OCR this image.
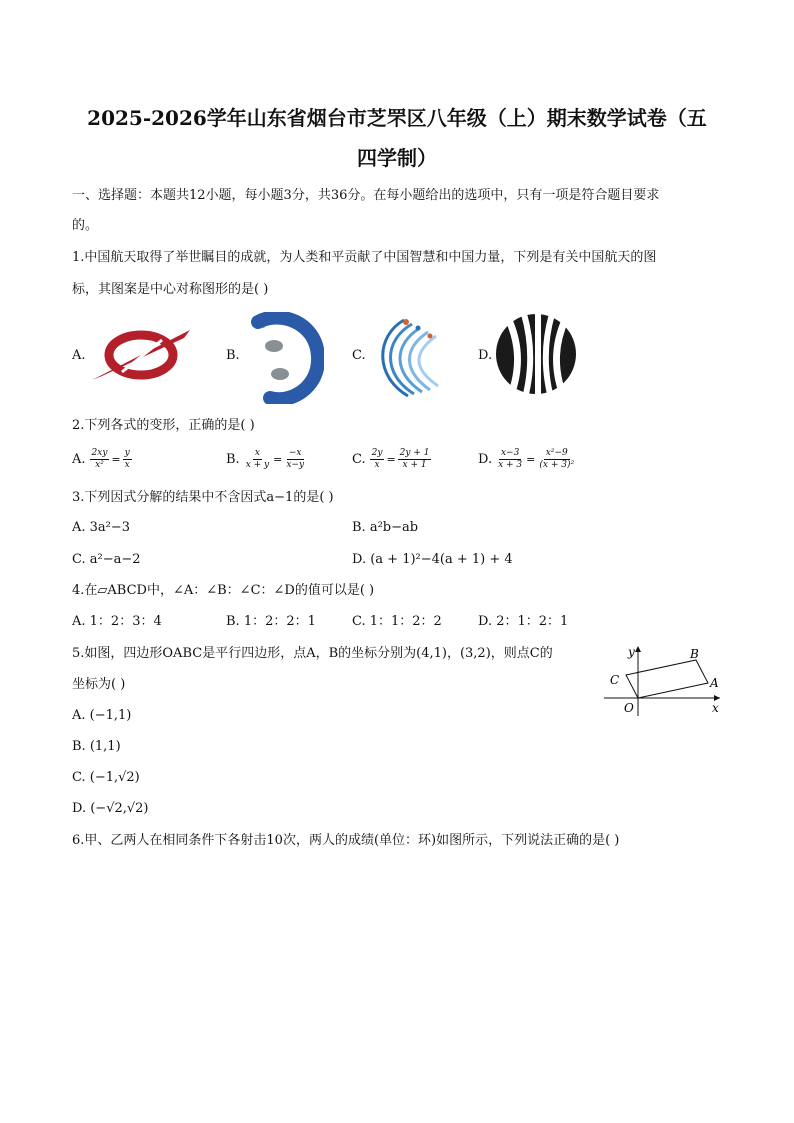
2025-2026学年山东省烟台市芝罘区八年级（上）期末数学试卷（五
四学制）
一、选择题：本题共12小题，每小题3分，共36分。在每小题给出的选项中，只有一项是符合题目要求
的。
1.中国航天取得了举世瞩目的成就，为人类和平贡献了中国智慧和中国力量，下列是有关中国航天的图
标，其图案是中心对称图形的是( )
A.	B.	C.	D.
2.下列各式的变形，正确的是( )
A. $\frac{2xy}{\text{x²}} = \frac{y}{x}$	B. $\frac{x}{x + y} = \frac{-x}{x-y}$	C. $\frac{2y}{x} = \frac{2y + 1}{x + 1}$	D. $\frac{x-3}{x + 3} = \frac{\text{x²−9}}{\text{(x + 3)²}}$
3.下列因式分解的结果中不含因式a−1的是( )
A. 3a²−3	B. a²b−ab
C. a²−a−2	D. (a + 1)²−4(a + 1) + 4
4.在▱ABCD中，∠A：∠B：∠C：∠D的值可以是( )
A. 1：2：3：4	B. 1：2：2：1	C. 1：1：2：2	D. 2：1：2：1
5.如图，四边形OABC是平行四边形，点A，B的坐标分别为(4,1)，(3,2)，则点C的
坐标为( )
A. (−1,1)
B. (1,1)
C. (−1,√2)
D. (−√2,√2)
y	B
C	A
O	x
6.甲、乙两人在相同条件下各射击10次，两人的成绩(单位：环)如图所示，下列说法正确的是( )
